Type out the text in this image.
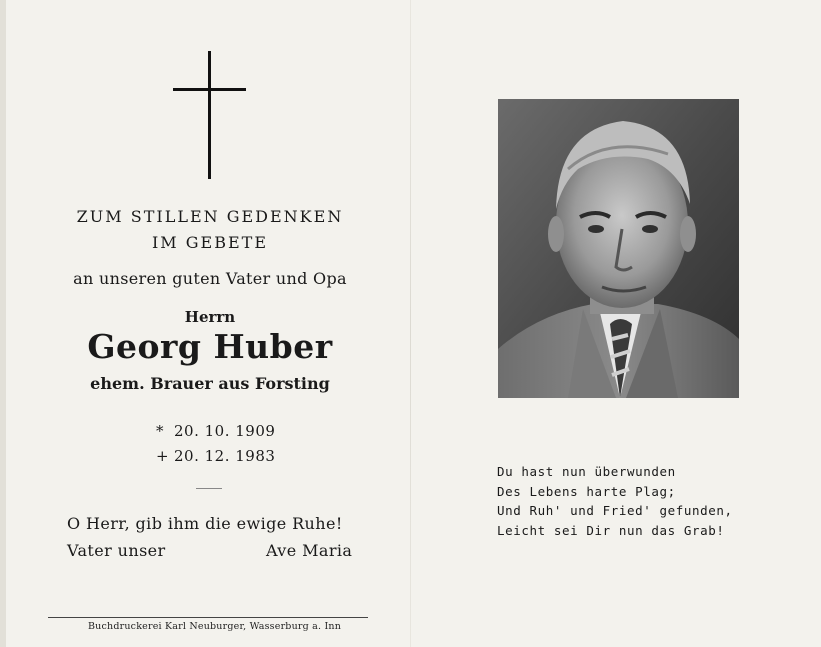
ZUM STILLEN GEDENKEN
IM GEBETE
an unseren guten Vater und Opa
Herrn
Georg Huber
ehem. Brauer aus Forsting
* 20. 10. 1909
+ 20. 12. 1983
O Herr, gib ihm die ewige Ruhe!
Vater unser	Ave Maria
Buchdruckerei Karl Neuburger, Wasserburg a. Inn
Du hast nun überwunden
Des Lebens harte Plag;
Und Ruh' und Fried' gefunden,
Leicht sei Dir nun das Grab!
